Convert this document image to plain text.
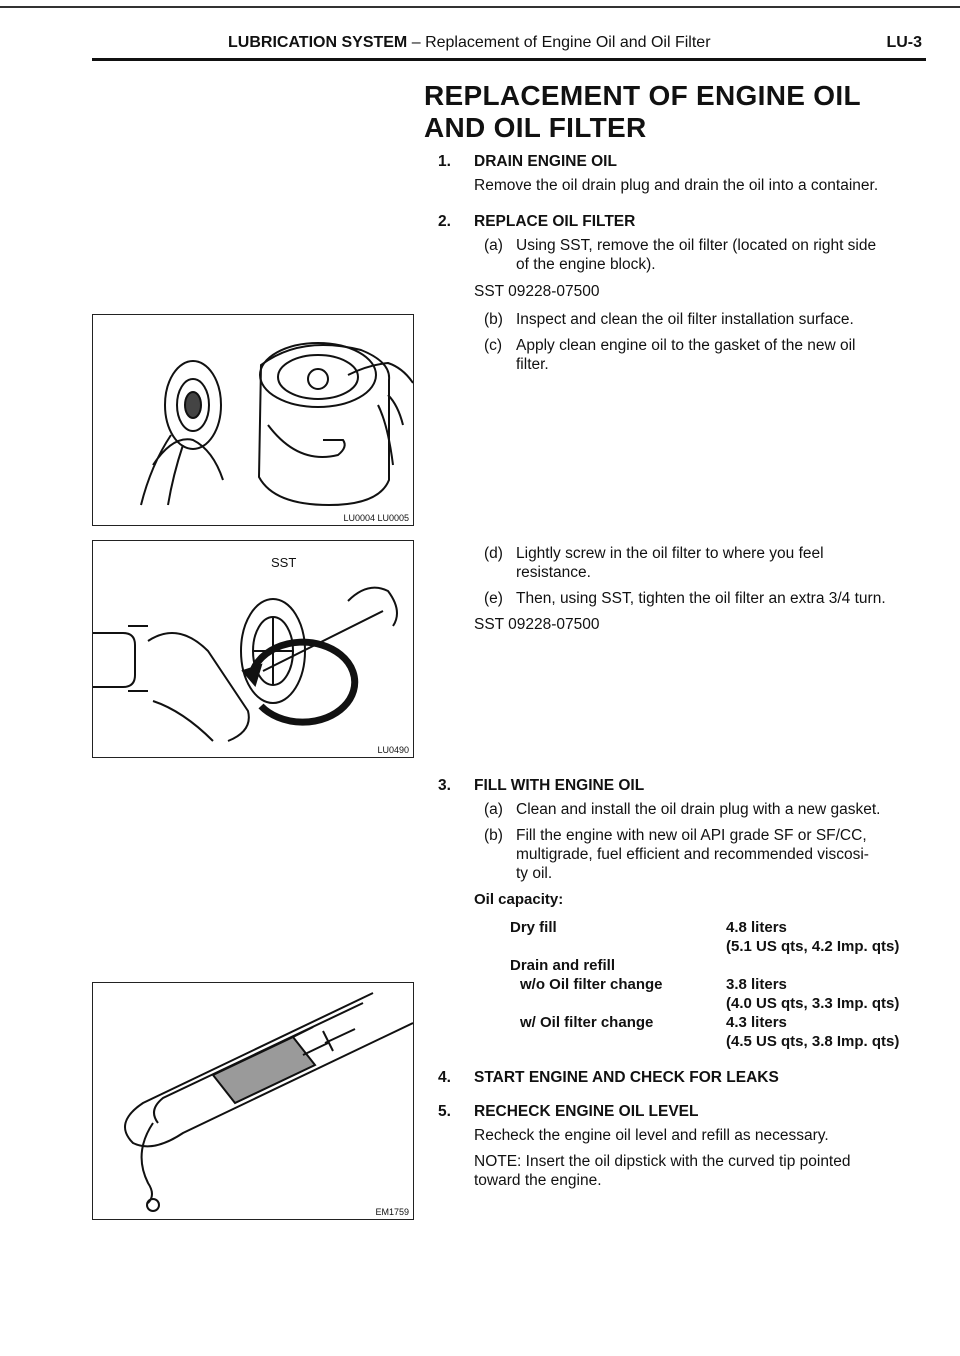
LUBRICATION SYSTEM – Replacement of Engine Oil and Oil Filter	LU-3
REPLACEMENT OF ENGINE OIL
AND OIL FILTER
1. DRAIN ENGINE OIL
Remove the oil drain plug and drain the oil into a container.
2. REPLACE OIL FILTER
(a) Using SST, remove the oil filter (located on right side
of the engine block).
SST 09228-07500
(b) Inspect and clean the oil filter installation surface.
(c) Apply clean engine oil to the gasket of the new oil
filter.
(d) Lightly screw in the oil filter to where you feel
resistance.
(e) Then, using SST, tighten the oil filter an extra 3/4 turn.
SST 09228-07500
3. FILL WITH ENGINE OIL
(a) Clean and install the oil drain plug with a new gasket.
(b) Fill the engine with new oil API grade SF or SF/CC,
multigrade, fuel efficient and recommended viscosi-
ty oil.
Oil capacity:
Dry fill	4.8 liters
(5.1 US qts, 4.2 Imp. qts)
Drain and refill
w/o Oil filter change	3.8 liters
(4.0 US qts, 3.3 Imp. qts)
w/ Oil filter change	4.3 liters
(4.5 US qts, 3.8 Imp. qts)
4. START ENGINE AND CHECK FOR LEAKS
5. RECHECK ENGINE OIL LEVEL
Recheck the engine oil level and refill as necessary.
NOTE: Insert the oil dipstick with the curved tip pointed
toward the engine.
LU0004 LU0005
SST
LU0490
EM1759
